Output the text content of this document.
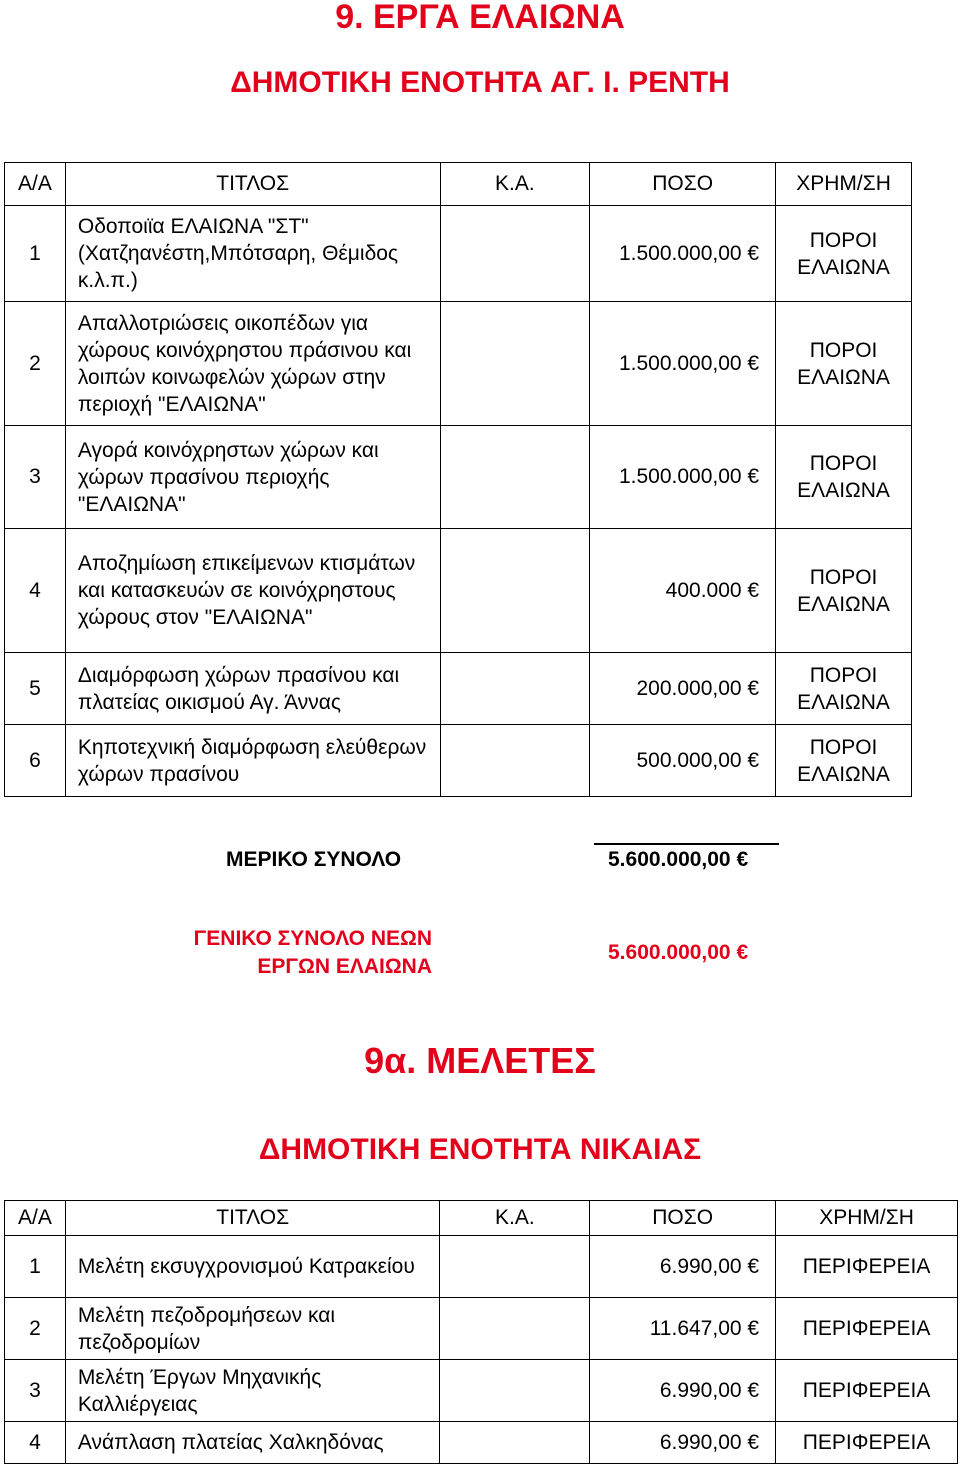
9. ΕΡΓΑ ΕΛΑΙΩΝΑ
ΔΗΜΟΤΙΚΗ ΕΝΟΤΗΤΑ ΑΓ. Ι. ΡΕΝΤΗ
Α/Α	ΤΙΤΛΟΣ	Κ.Α.	ΠΟΣΟ	ΧΡΗΜ/ΣΗ
1	Οδοποιϊα ΕΛΑΙΩΝΑ "ΣΤ" (Χατζηανέστη,Μπότσαρη, Θέμιδος κ.λ.π.)		1.500.000,00 €	ΠΟΡΟΙ ΕΛΑΙΩΝΑ
2	Απαλλοτριώσεις οικοπέδων για χώρους κοινόχρηστου πράσινου και λοιπών κοινωφελών χώρων στην περιοχή "ΕΛΑΙΩΝΑ"		1.500.000,00 €	ΠΟΡΟΙ ΕΛΑΙΩΝΑ
3	Αγορά κοινόχρηστων χώρων και χώρων πρασίνου περιοχής "ΕΛΑΙΩΝΑ"		1.500.000,00 €	ΠΟΡΟΙ ΕΛΑΙΩΝΑ
4	Αποζημίωση επικείμενων κτισμάτων και κατασκευών σε κοινόχρηστους χώρους στον "ΕΛΑΙΩΝΑ"		400.000 €	ΠΟΡΟΙ ΕΛΑΙΩΝΑ
5	Διαμόρφωση χώρων πρασίνου και πλατείας οικισμού Αγ. Άννας		200.000,00 €	ΠΟΡΟΙ ΕΛΑΙΩΝΑ
6	Κηποτεχνική διαμόρφωση ελεύθερων χώρων πρασίνου		500.000,00 €	ΠΟΡΟΙ ΕΛΑΙΩΝΑ
ΜΕΡΙΚΟ ΣΥΝΟΛΟ	5.600.000,00 €
ΓΕΝΙΚΟ ΣΥΝΟΛΟ ΝΕΩΝ
ΕΡΓΩΝ ΕΛΑΙΩΝΑ
5.600.000,00 €
9α. ΜΕΛΕΤΕΣ
ΔΗΜΟΤΙΚΗ ΕΝΟΤΗΤΑ ΝΙΚΑΙΑΣ
Α/Α	ΤΙΤΛΟΣ	Κ.Α.	ΠΟΣΟ	ΧΡΗΜ/ΣΗ
1	Μελέτη εκσυγχρονισμού Κατρακείου		6.990,00 €	ΠΕΡΙΦΕΡΕΙΑ
2	Μελέτη πεζοδρομήσεων και πεζοδρομίων		11.647,00 €	ΠΕΡΙΦΕΡΕΙΑ
3	Μελέτη Έργων Μηχανικής Καλλιέργειας		6.990,00 €	ΠΕΡΙΦΕΡΕΙΑ
4	Ανάπλαση πλατείας Χαλκηδόνας		6.990,00 €	ΠΕΡΙΦΕΡΕΙΑ
